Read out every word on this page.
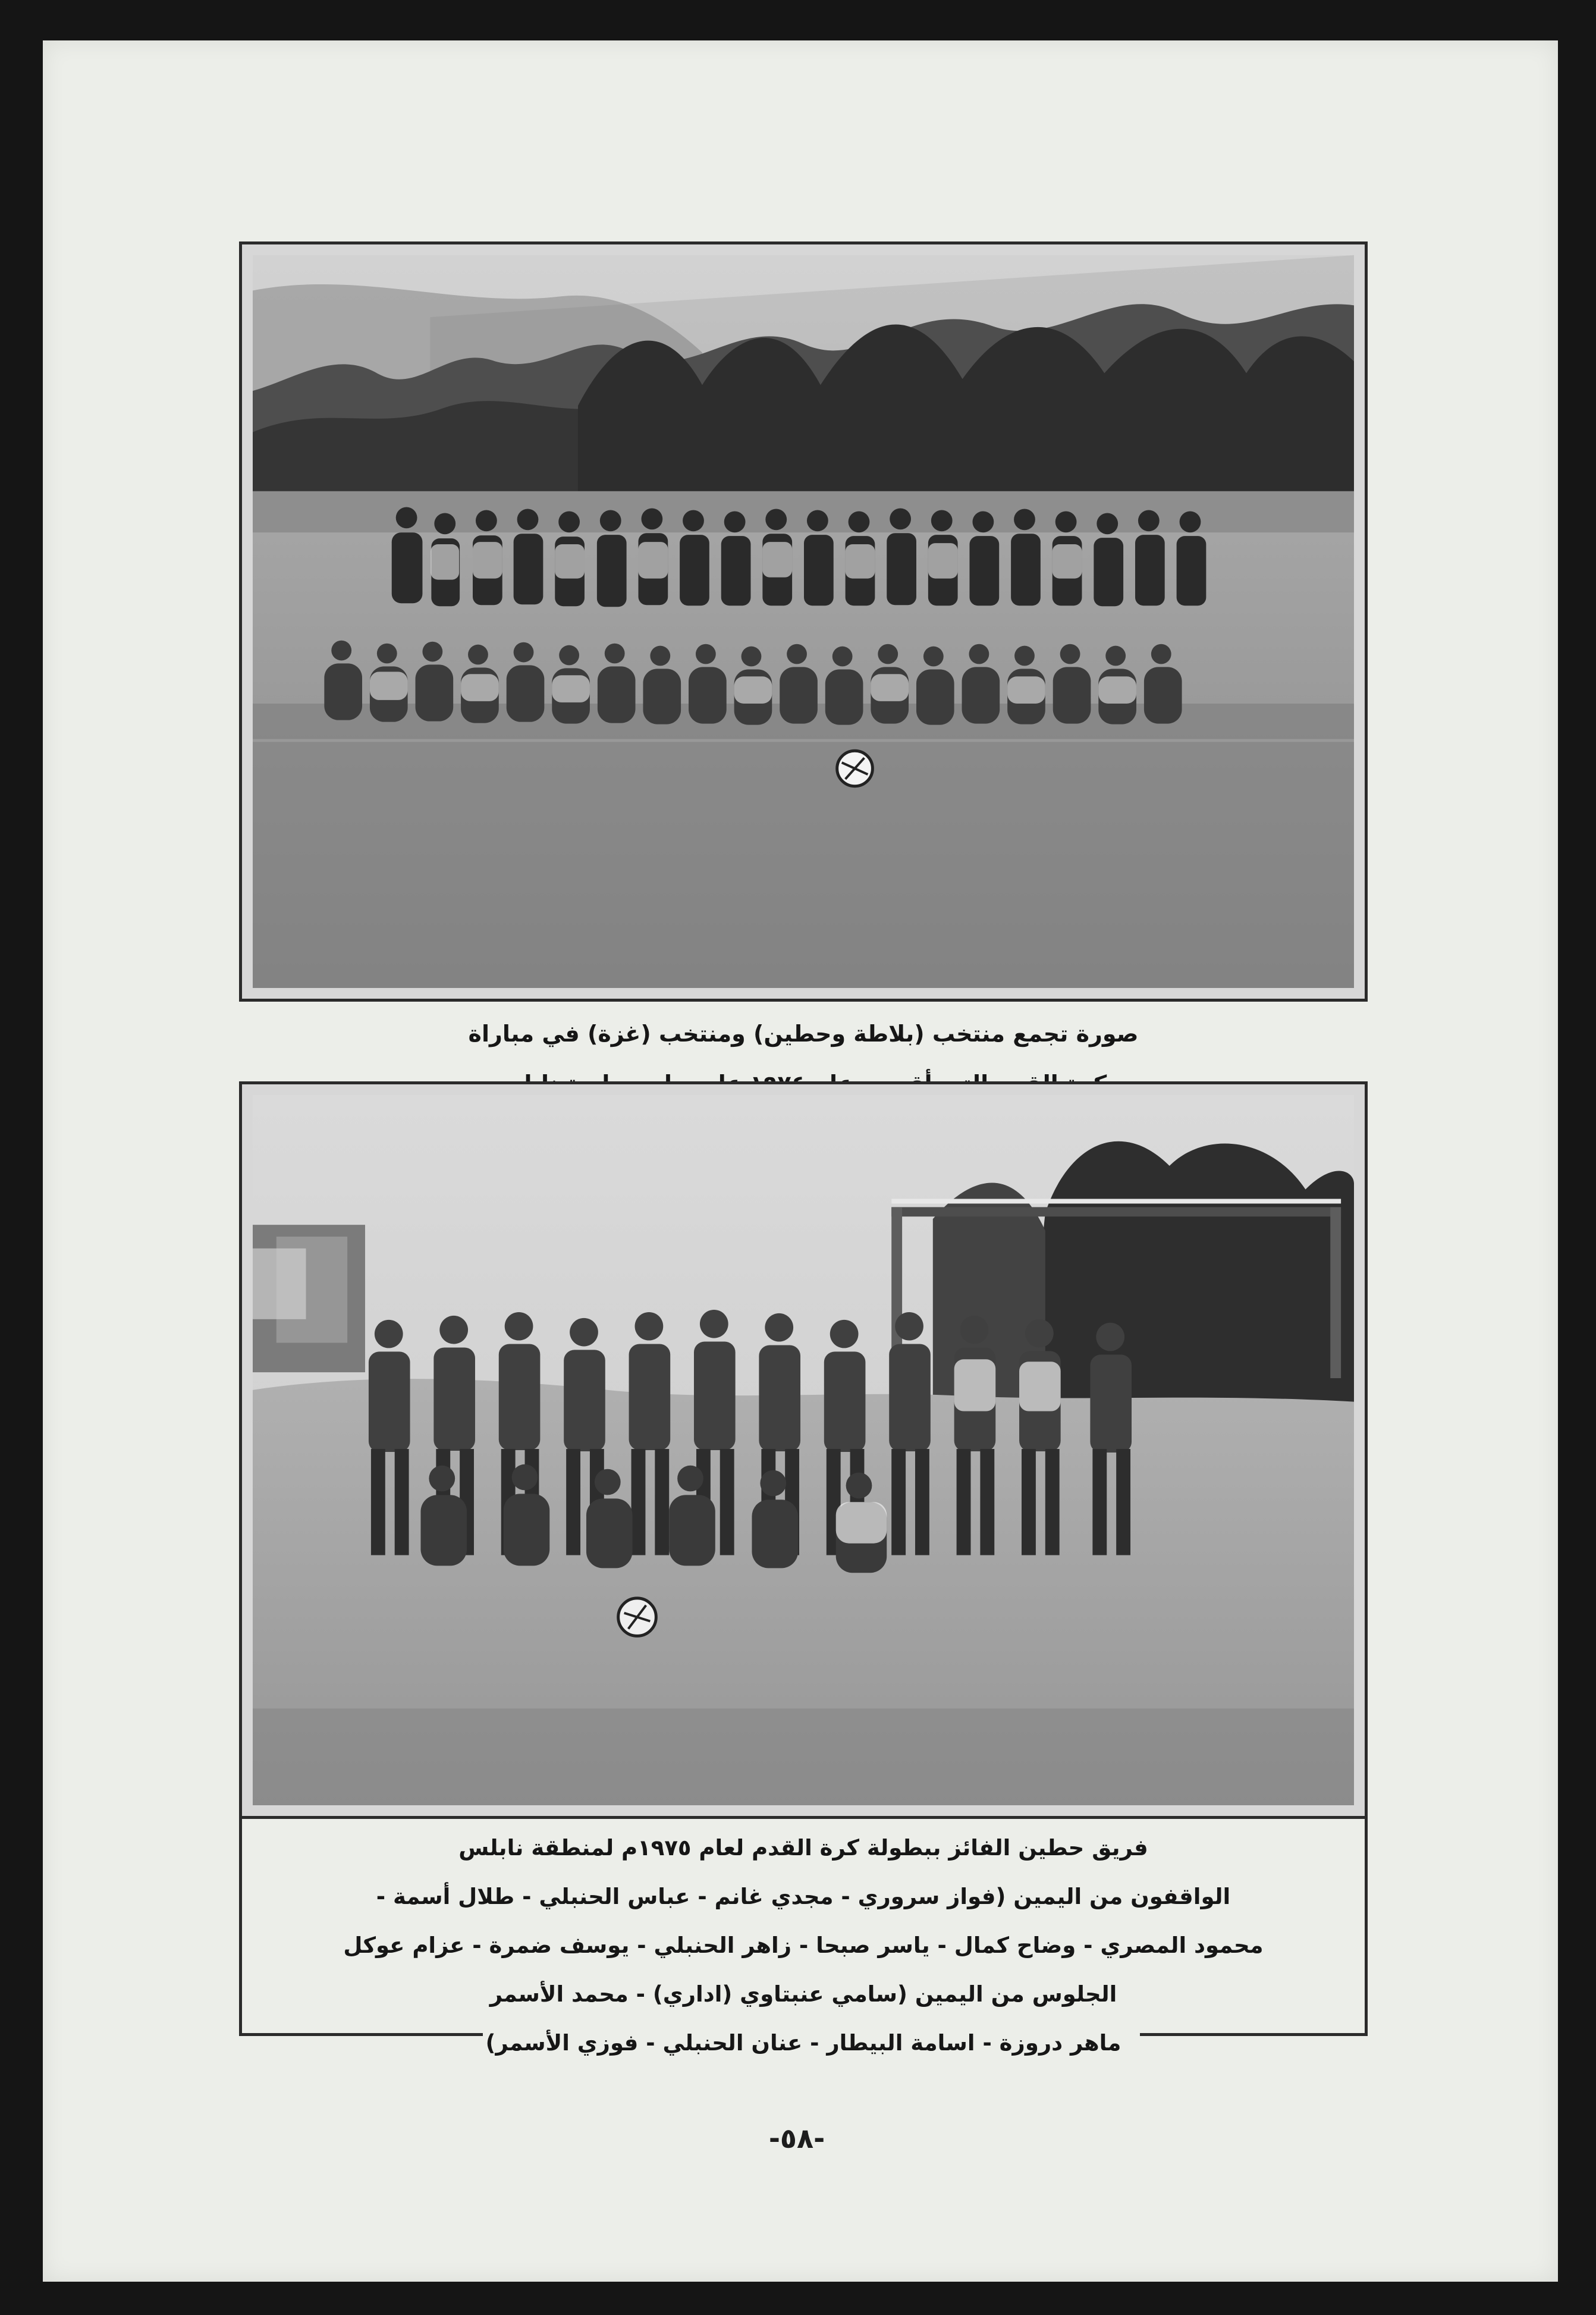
صورة تجمع منتخب (بلاطة وحطين) ومنتخب (غزة) في مباراة
فريق حطين الفائز ببطولة كرة القدم لعام ١٩٧٥م لمنطقة نابلس
الواقفون من اليمين (فواز سروري - مجدي غانم - عباس الحنبلي - طلال أسمة -
محمود المصري - وضاح كمال - ياسر صبحا - زاهر الحنبلي - يوسف ضمرة - عزام عوكل
الجلوس من اليمين (سامي عنبتاوي (اداري) - محمد الأسمر
ماهر دروزة - اسامة البيطار - عنان الحنبلي - فوزي الأسمر)
-٥٨-
